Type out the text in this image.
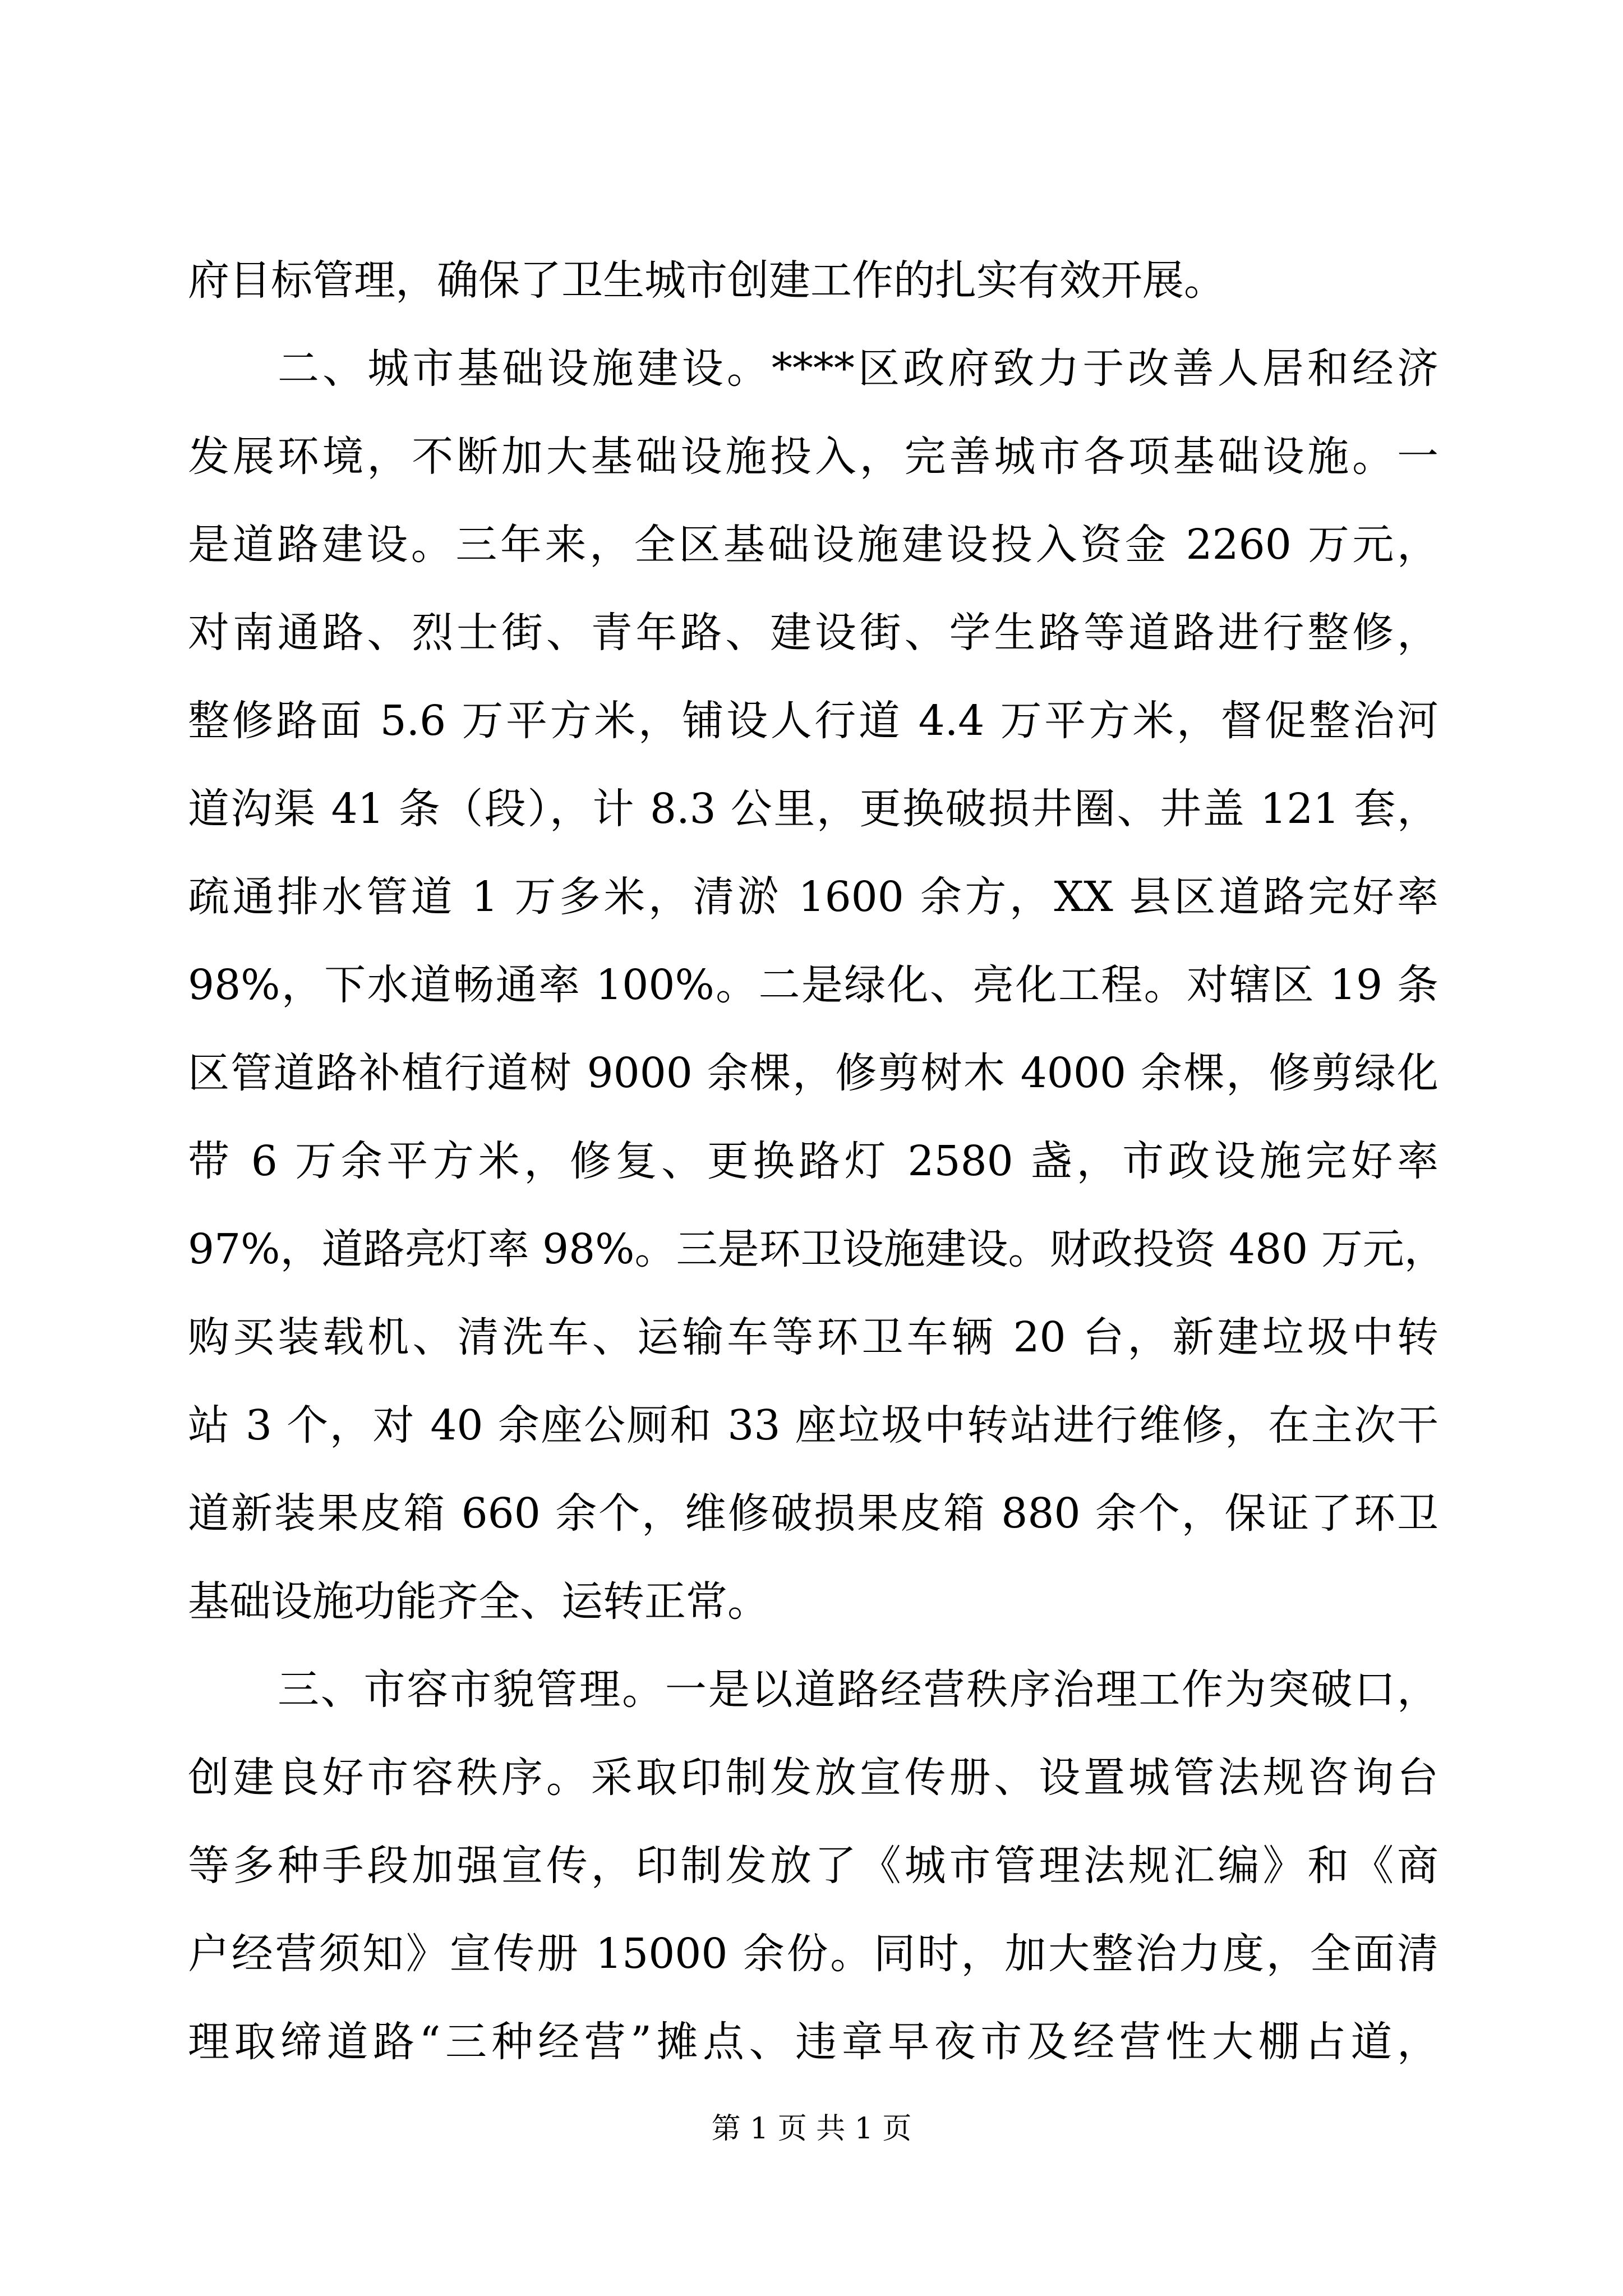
府目标管理，确保了卫生城市创建工作的扎实有效开展。
二、城市基础设施建设。****区政府致力于改善人居和经济
发展环境，不断加大基础设施投入，完善城市各项基础设施。一
是道路建设。三年来，全区基础设施建设投入资金 2260 万元，
对南通路、烈士街、青年路、建设街、学生路等道路进行整修，
整修路面 5.6 万平方米，铺设人行道 4.4 万平方米，督促整治河
道沟渠 41 条（段），计 8.3 公里，更换破损井圈、井盖 121 套，
疏通排水管道 1 万多米，清淤 1600 余方，XX 县区道路完好率
98%，下水道畅通率 100%。二是绿化、亮化工程。对辖区 19 条
区管道路补植行道树 9000 余棵，修剪树木 4000 余棵，修剪绿化
带 6 万余平方米，修复、更换路灯 2580 盏，市政设施完好率
97%，道路亮灯率 98%。三是环卫设施建设。财政投资 480 万元，
购买装载机、清洗车、运输车等环卫车辆 20 台，新建垃圾中转
站 3 个，对 40 余座公厕和 33 座垃圾中转站进行维修，在主次干
道新装果皮箱 660 余个，维修破损果皮箱 880 余个，保证了环卫
基础设施功能齐全、运转正常。
三、市容市貌管理。一是以道路经营秩序治理工作为突破口，
创建良好市容秩序。采取印制发放宣传册、设置城管法规咨询台
等多种手段加强宣传，印制发放了《城市管理法规汇编》和《商
户经营须知》宣传册 15000 余份。同时，加大整治力度，全面清
理取缔道路“三种经营”摊点、违章早夜市及经营性大棚占道，
第 1 页 共 1 页
